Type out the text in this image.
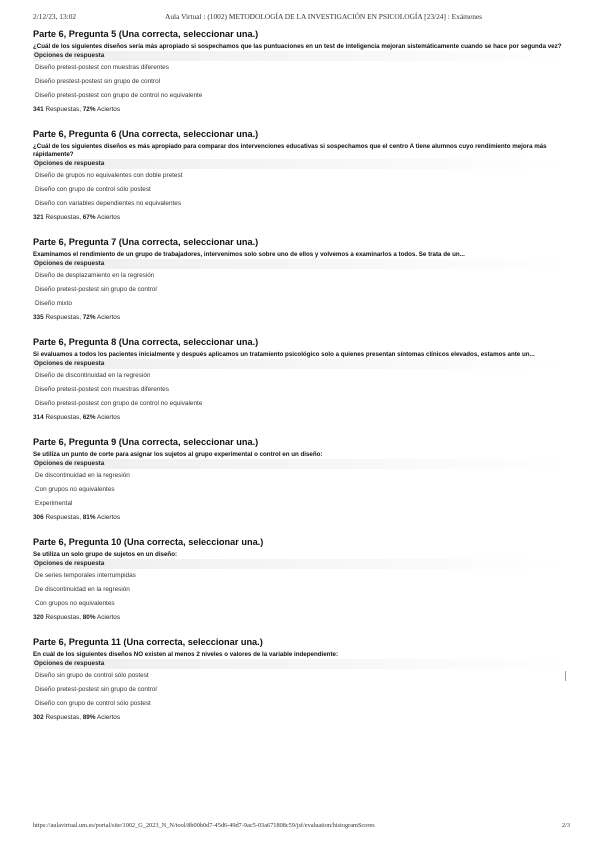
2/12/23, 13:02	Aula Virtual : (1002) METODOLOGÍA DE LA INVESTIGACIÓN EN PSICOLOGÍA [23/24] : Exámenes
Parte 6, Pregunta 5 (Una correcta, seleccionar una.)
¿Cuál de los siguientes diseños sería más apropiado si sospechamos que las puntuaciones en un test de inteligencia mejoran sistemáticamente cuando se hace por segunda vez?
Opciones de respuesta
Diseño pretest-postest con muestras diferentes
Diseño prestest-postest sin grupo de control
Diseño pretest-postest con grupo de control no equivalente
341 Respuestas, 72% Aciertos
Parte 6, Pregunta 6 (Una correcta, seleccionar una.)
¿Cuál de los siguientes diseños es más apropiado para comparar dos intervenciones educativas si sospechamos que el centro A tiene alumnos cuyo rendimiento mejora más rápidamente?
Opciones de respuesta
Diseño de grupos no equivalentes con doble pretest
Diseño con grupo de control sólo postest
Diseño con variables dependientes no equivalentes
321 Respuestas, 67% Aciertos
Parte 6, Pregunta 7 (Una correcta, seleccionar una.)
Examinamos el rendimiento de un grupo de trabajadores, intervenimos solo sobre uno de ellos y volvemos a examinarlos a todos. Se trata de un...
Opciones de respuesta
Diseño de desplazamiento en la regresión
Diseño pretest-postest sin grupo de control
Diseño mixto
335 Respuestas, 72% Aciertos
Parte 6, Pregunta 8 (Una correcta, seleccionar una.)
Si evaluamos a todos los pacientes inicialmente y después aplicamos un tratamiento psicológico solo a quienes presentan síntomas clínicos elevados, estamos ante un...
Opciones de respuesta
Diseño de discontinuidad en la regresión
Diseño pretest-postest con muestras diferentes
Diseño pretest-postest con grupo de control no equivalente
314 Respuestas, 62% Aciertos
Parte 6, Pregunta 9 (Una correcta, seleccionar una.)
Se utiliza un punto de corte para asignar los sujetos al grupo experimental o control en un diseño:
Opciones de respuesta
De discontinuidad en la regresión
Con grupos no equivalentes
Experimental
306 Respuestas, 81% Aciertos
Parte 6, Pregunta 10 (Una correcta, seleccionar una.)
Se utiliza un solo grupo de sujetos en un diseño:
Opciones de respuesta
De series temporales interrumpidas
De discontinuidad en la regresión
Con grupos no equivalentes
320 Respuestas, 80% Aciertos
Parte 6, Pregunta 11 (Una correcta, seleccionar una.)
En cuál de los siguientes diseños NO existen al menos 2 niveles o valores de la variable independiente:
Opciones de respuesta
Diseño sin grupo de control sólo postest
Diseño pretest-postest sin grupo de control
Diseño con grupo de control sólo postest
302 Respuestas, 89% Aciertos
https://aulavirtual.um.es/portal/site/1002_G_2023_N_N/tool/8b00b0d7-45d6-49d7-9ac5-03a671808c59/jsf/evaluation/histogramScores	2/3
